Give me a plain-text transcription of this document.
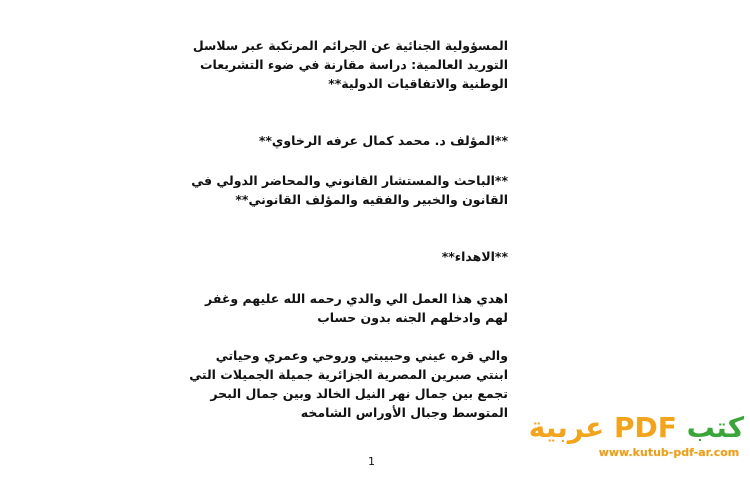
المسؤولية الجنائية عن الجرائم المرتكبة عبر سلاسل
التوريد العالمية: دراسة مقارنة في ضوء التشريعات
الوطنية والاتفاقيات الدولية**
**المؤلف د. محمد كمال عرفه الرخاوي**
**الباحث والمستشار القانوني والمحاضر الدولي في
القانون والخبير والفقيه والمؤلف القانوني**
**الاهداء**
اهدي هذا العمل الي والدي رحمه الله عليهم وغفر
لهم وادخلهم الجنه بدون حساب
والي قره عيني وحبيبتي وروحي وعمري وحياتي
ابنتي صبرين المصرية الجزائرية جميلة الجميلات التي
تجمع بين جمال نهر النيل الخالد وبين جمال البحر
المتوسط وجبال الأوراس الشامخه
1
كتب PDF عربية
www.kutub-pdf-ar.com
